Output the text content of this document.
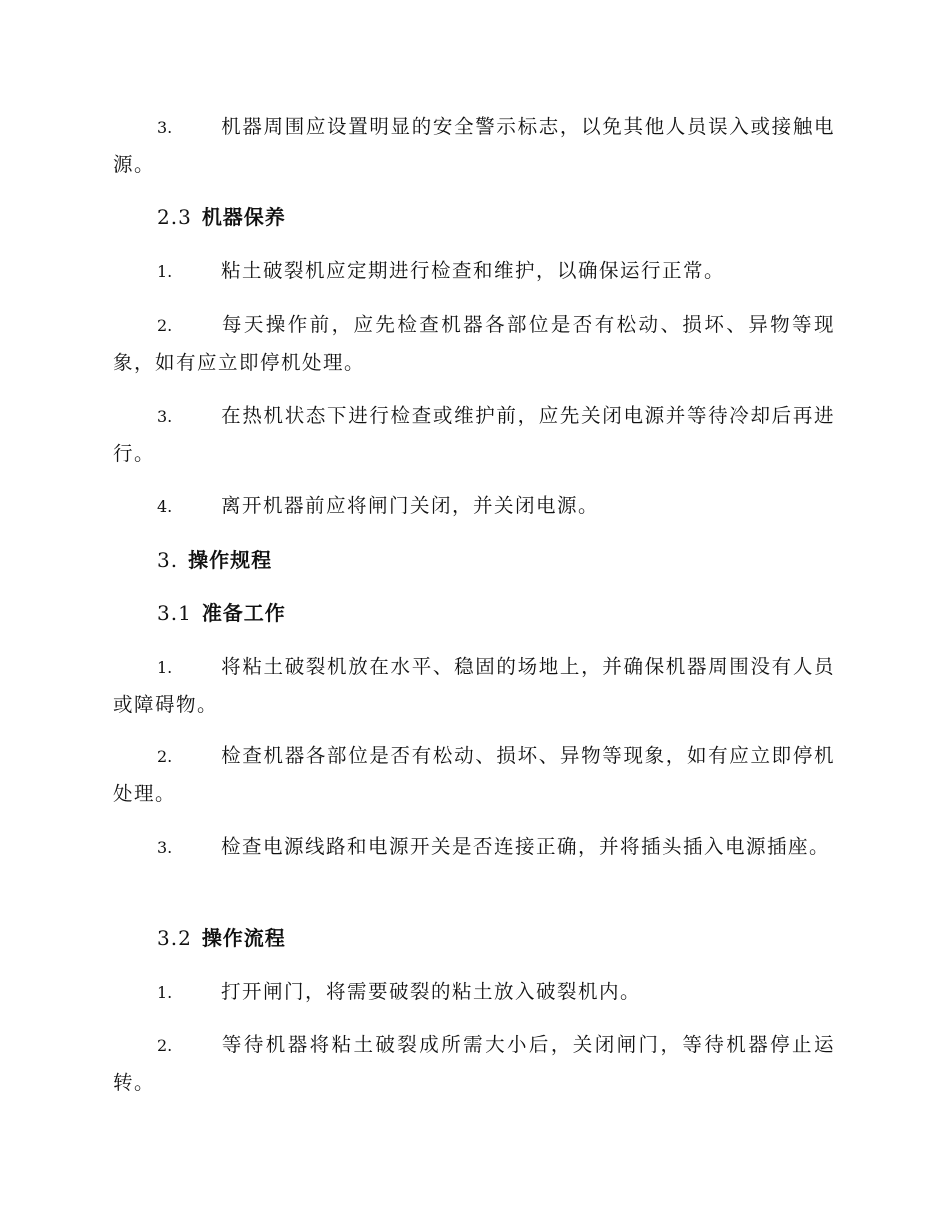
3. 机器周围应设置明显的安全警示标志，以免其他人员误入或接触电源。
2.3 机器保养
1. 粘土破裂机应定期进行检查和维护，以确保运行正常。
2. 每天操作前，应先检查机器各部位是否有松动、损坏、异物等现象，如有应立即停机处理。
3. 在热机状态下进行检查或维护前，应先关闭电源并等待冷却后再进行。
4. 离开机器前应将闸门关闭，并关闭电源。
3. 操作规程
3.1 准备工作
1. 将粘土破裂机放在水平、稳固的场地上，并确保机器周围没有人员或障碍物。
2. 检查机器各部位是否有松动、损坏、异物等现象，如有应立即停机处理。
3. 检查电源线路和电源开关是否连接正确，并将插头插入电源插座。
3.2 操作流程
1. 打开闸门，将需要破裂的粘土放入破裂机内。
2. 等待机器将粘土破裂成所需大小后，关闭闸门，等待机器停止运转。
